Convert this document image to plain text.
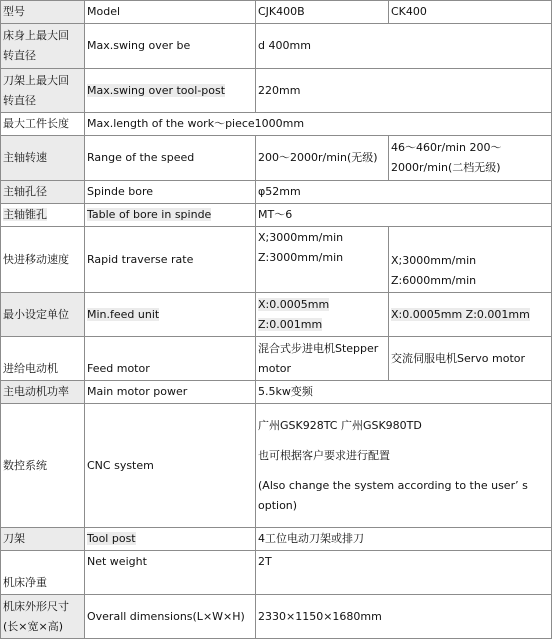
型号	Model	CJK400B	CK400

床身上最大回
转直径	Max.swing over be	d 400mm	

刀架上最大回
转直径	Max.swing over tool-post	220mm	
最大工件长度	Max.length of the work～piece1000mm		
主轴转速	Range of the speed	200～2000r/min(无级)	46～460r/min 200～
2000r/min(二档无级)

主轴孔径	Spinde bore	φ52mm	
主轴锥孔	Table of bore in spinde	MT～6	
快进移动速度	Rapid traverse rate	X;3000mm/min
Z:3000mm/min	X;3000mm/min
Z:6000mm/min

最小设定单位	Min.feed unit	X:0.0005mm
Z:0.001mm	X:0.0005mm Z:0.001mm
进给电动机	Feed motor	混合式步进电机Stepper
motor	交流伺服电机Servo motor
主电动机功率	Main motor power	5.5kw变频	
数控系统	CNC system	广州GSK928TC 广州GSK980TD
也可根据客户要求进行配置
(Also change the system according to the user’ s
option)	

刀架	Tool post	4工位电动刀架或排刀	
机床净重	Net weight	2T	

机床外形尺寸
(长×宽×高)	Overall dimensions(L×W×H)	2330×1150×1680mm	
